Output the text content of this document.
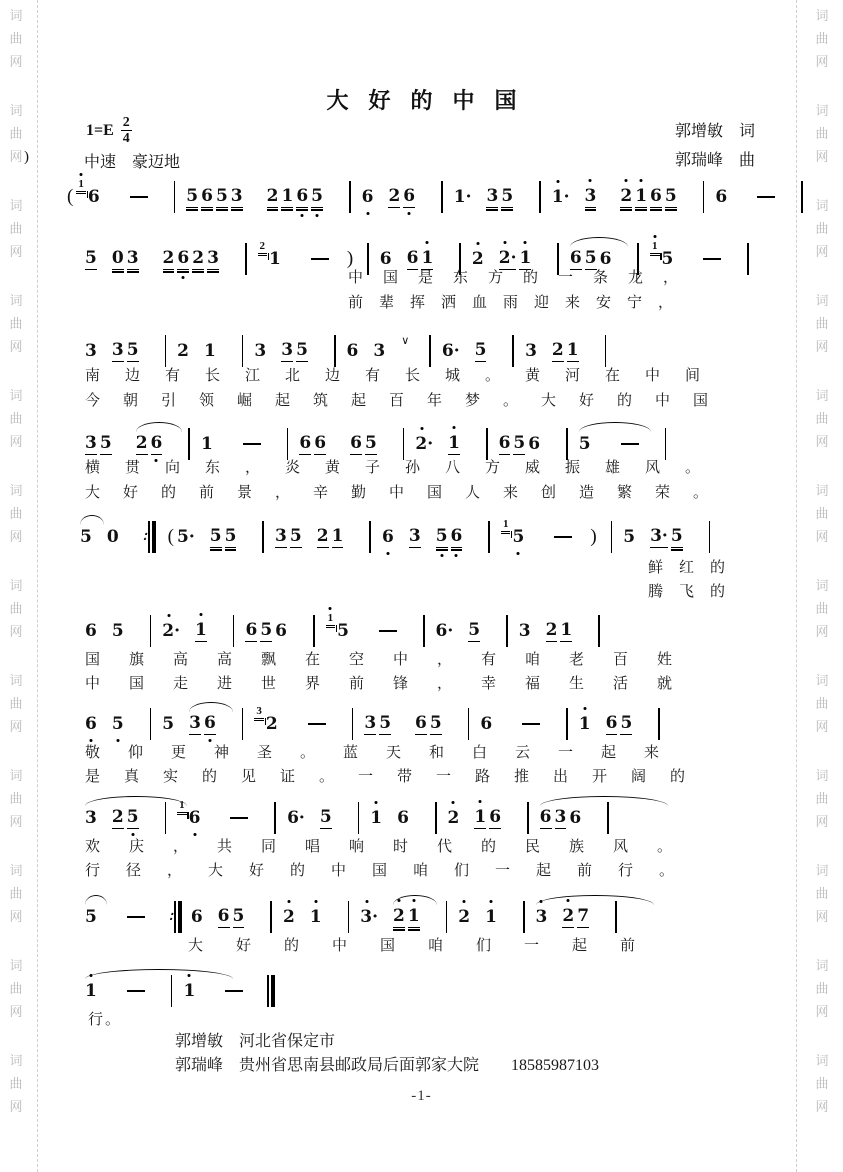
词
曲
网
词
曲
网
词
曲
网
词
曲
网
词
曲
网
词
曲
网
词
曲
网
词
曲
网
词
曲
网
词
曲
网
词
曲
网
词
曲
网
词
曲
网
词
曲
网
词
曲
网
词
曲
网
词
曲
网
词
曲
网
词
曲
网
词
曲
网
词
曲
网
词
曲
网
词
曲
网
词
曲
网
大好的中国
$1=E \frac{2}{4}$
中速　豪迈地
郭增敏　词
郭瑞峰　曲
)
(
1
6	5 6 5 3 2 1 6 5 6 2 6 1· 3 5 1· 3 2 1 6 5 6
5 0 3 2 6 2 3
2
1	) 6 6 1 2 2· 1 6 5 6
1
5
3 3 5 2 1 3 3 5 6 3
∨
6· 5 3 2 1
3 5 2 6 1	6 6 6 5 2· 1 6 5 6 5
5 0 ∶ ( 5· 5 5 3 5 2 1 6 3 5 6
1
5	) 5 3· 5
6 5 2· 1 6 5 6
1
5	6· 5 3 2 1
6 5 5 3 6
3
2	3 5 6 5 6	1 6 5
3 2 5
1
6	6· 5 1 6 2 1 6 6 3 6
5	∶ 6 6 5 2 1 3· 2 1 2 1 3 2 7
1	1
中国是东方的一条龙，
前辈挥洒血雨迎来安宁，
南边有长江北边有长城。黄河在中间
今朝引领崛起筑起百年梦。大好的中国
横贯向东，炎黄子孙八方威振雄风。
大好的前景，辛勤中国人来创造繁荣。
鲜红的
腾飞的
国旗高高飘在空中，有咱老百姓
中国走进世界前锋，幸福生活就
敬仰更神圣。蓝天和白云一起来
是真实的见证。一带一路推出开阔的
欢庆，共同唱响时代的民族风。
行径，大好的中国咱们一起前行。
大好的中国咱们一起前
行。
郭增敏　河北省保定市
郭瑞峰　贵州省思南县邮政局后面郭家大院　　18585987103
-1-
